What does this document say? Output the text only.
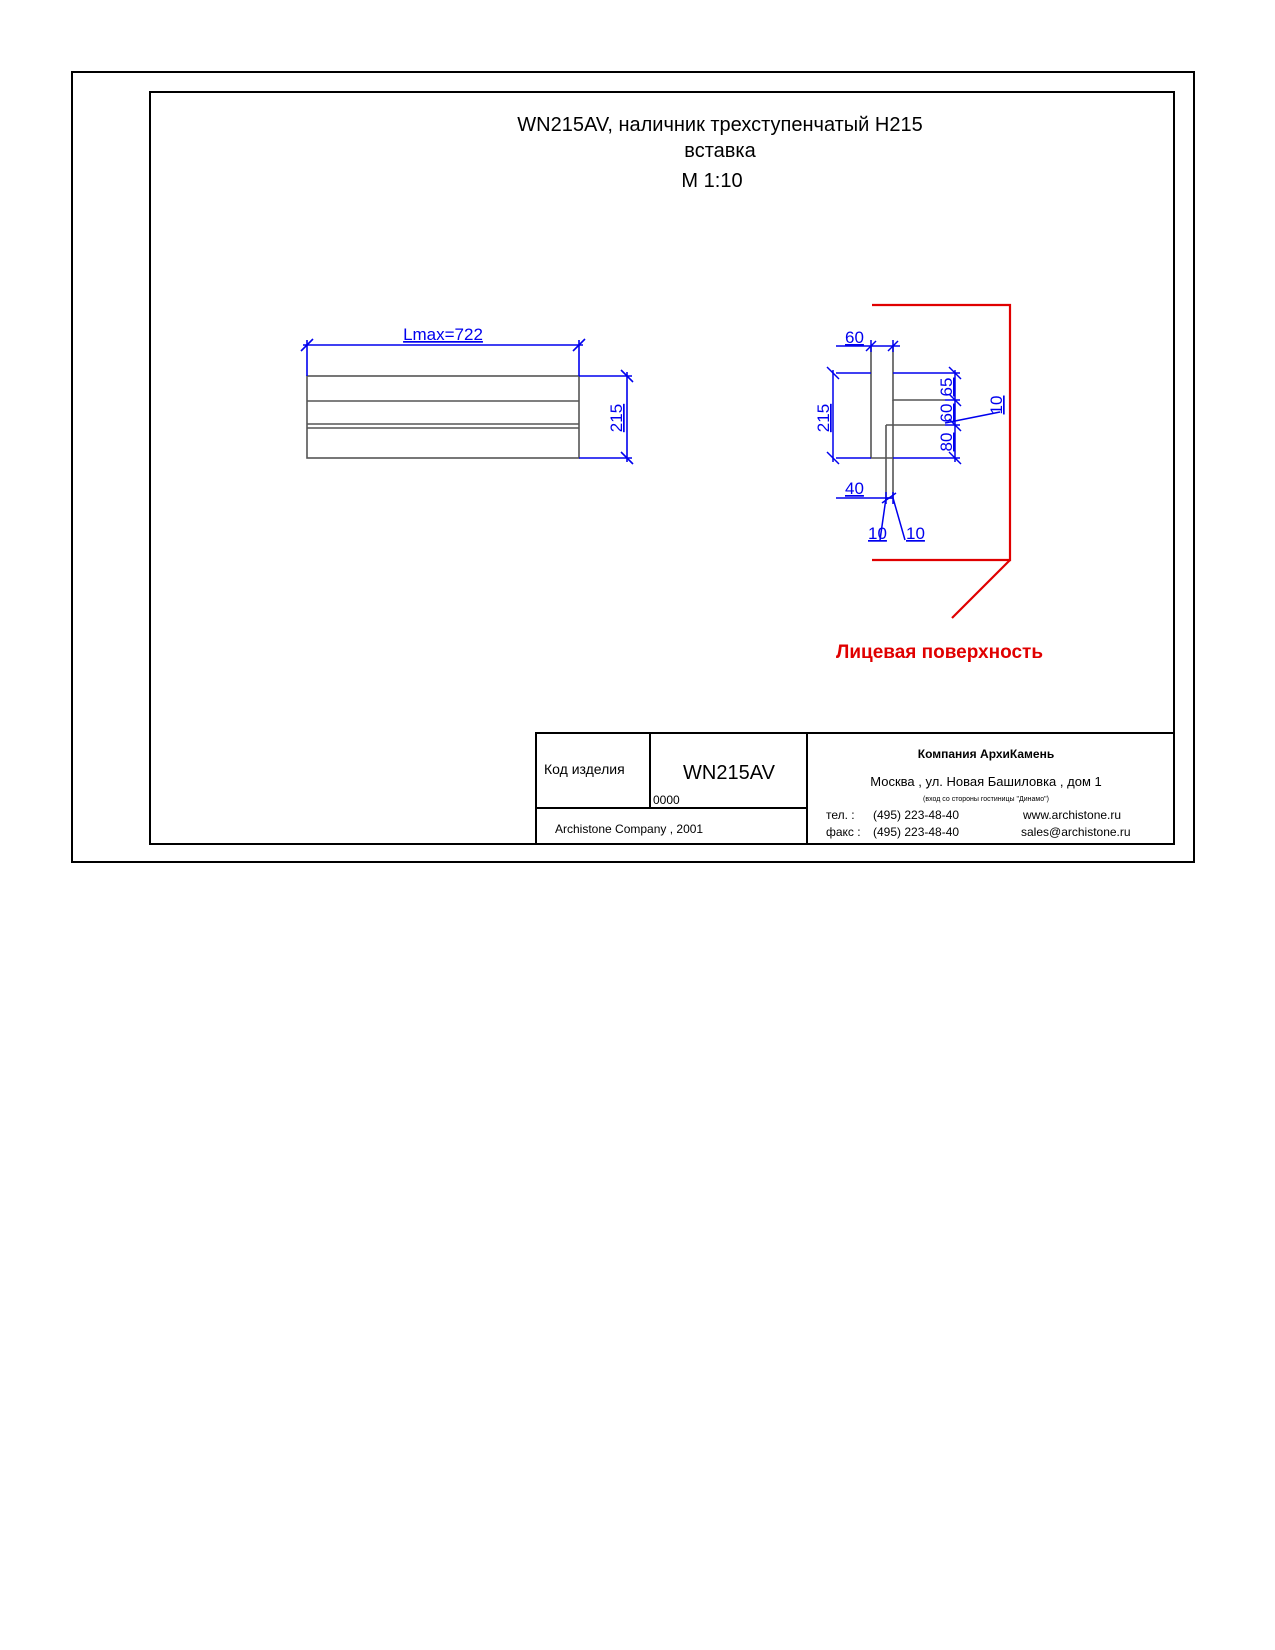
WN215AV, наличник трехступенчатый Н215
вставка
М 1:10
Lmax=722
215
Лицевая поверхность
60
215
65
60
80
10
40
10 10
Код изделия	WN215AV
0000
Archistone Company , 2001
Компания АрхиКамень
Москва , ул. Новая Башиловка , дом 1
(вход со стороны гостиницы "Динамо")
тел. : (495) 223-48-40
факс : (495) 223-48-40
www.archistone.ru
sales@archistone.ru
